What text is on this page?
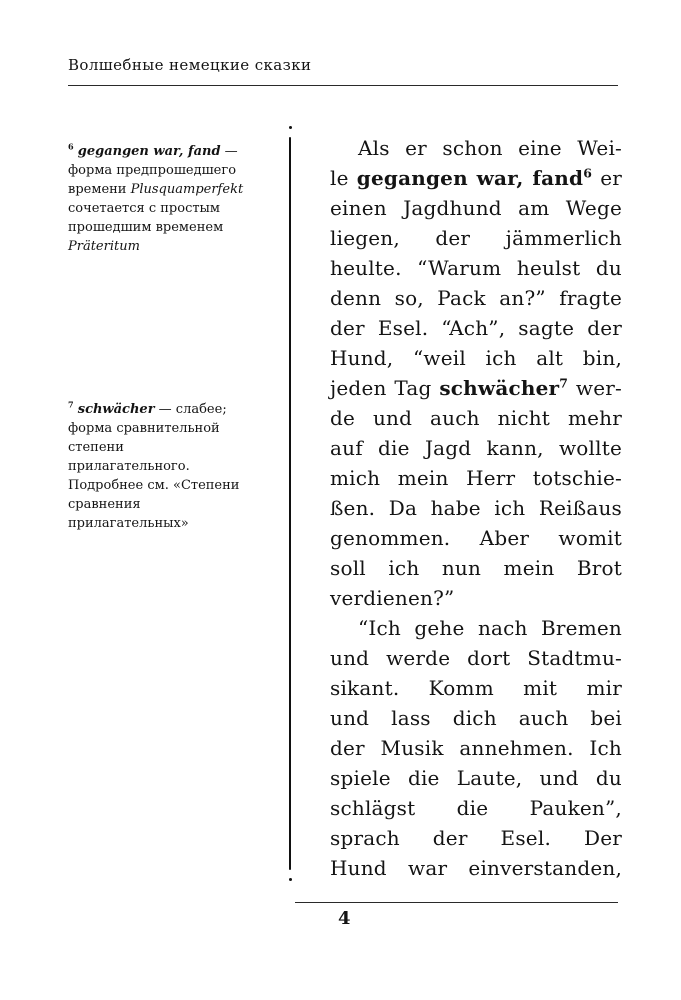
Волшебные немецкие сказки
$^6$ gegangen war, fand — форма предпрошедшего времени Plusquamperfekt сочетается с простым прошедшим временем Präteritum
$^7$ schwächer — слабее; форма сравнительной степени прилагательного. Подробнее см. «Степени сравнения прилагательных»
Als er schon eine Wei-
le gegangen war, fand$^6$ er
einen Jagdhund am Wege
liegen, der jämmerlich
heulte. “Warum heulst du
denn so, Pack an?” fragte
der Esel. “Ach”, sagte der
Hund, “weil ich alt bin,
jeden Tag schwächer$^7$ wer-
de und auch nicht mehr
auf die Jagd kann, wollte
mich mein Herr totschie-
ßen. Da habe ich Reißaus
genommen. Aber womit
soll ich nun mein Brot
verdienen?”
“Ich gehe nach Bremen
und werde dort Stadtmu-
sikant. Komm mit mir
und lass dich auch bei
der Musik annehmen. Ich
spiele die Laute, und du
schlägst die Pauken”,
sprach der Esel. Der
Hund war einverstanden,
4
